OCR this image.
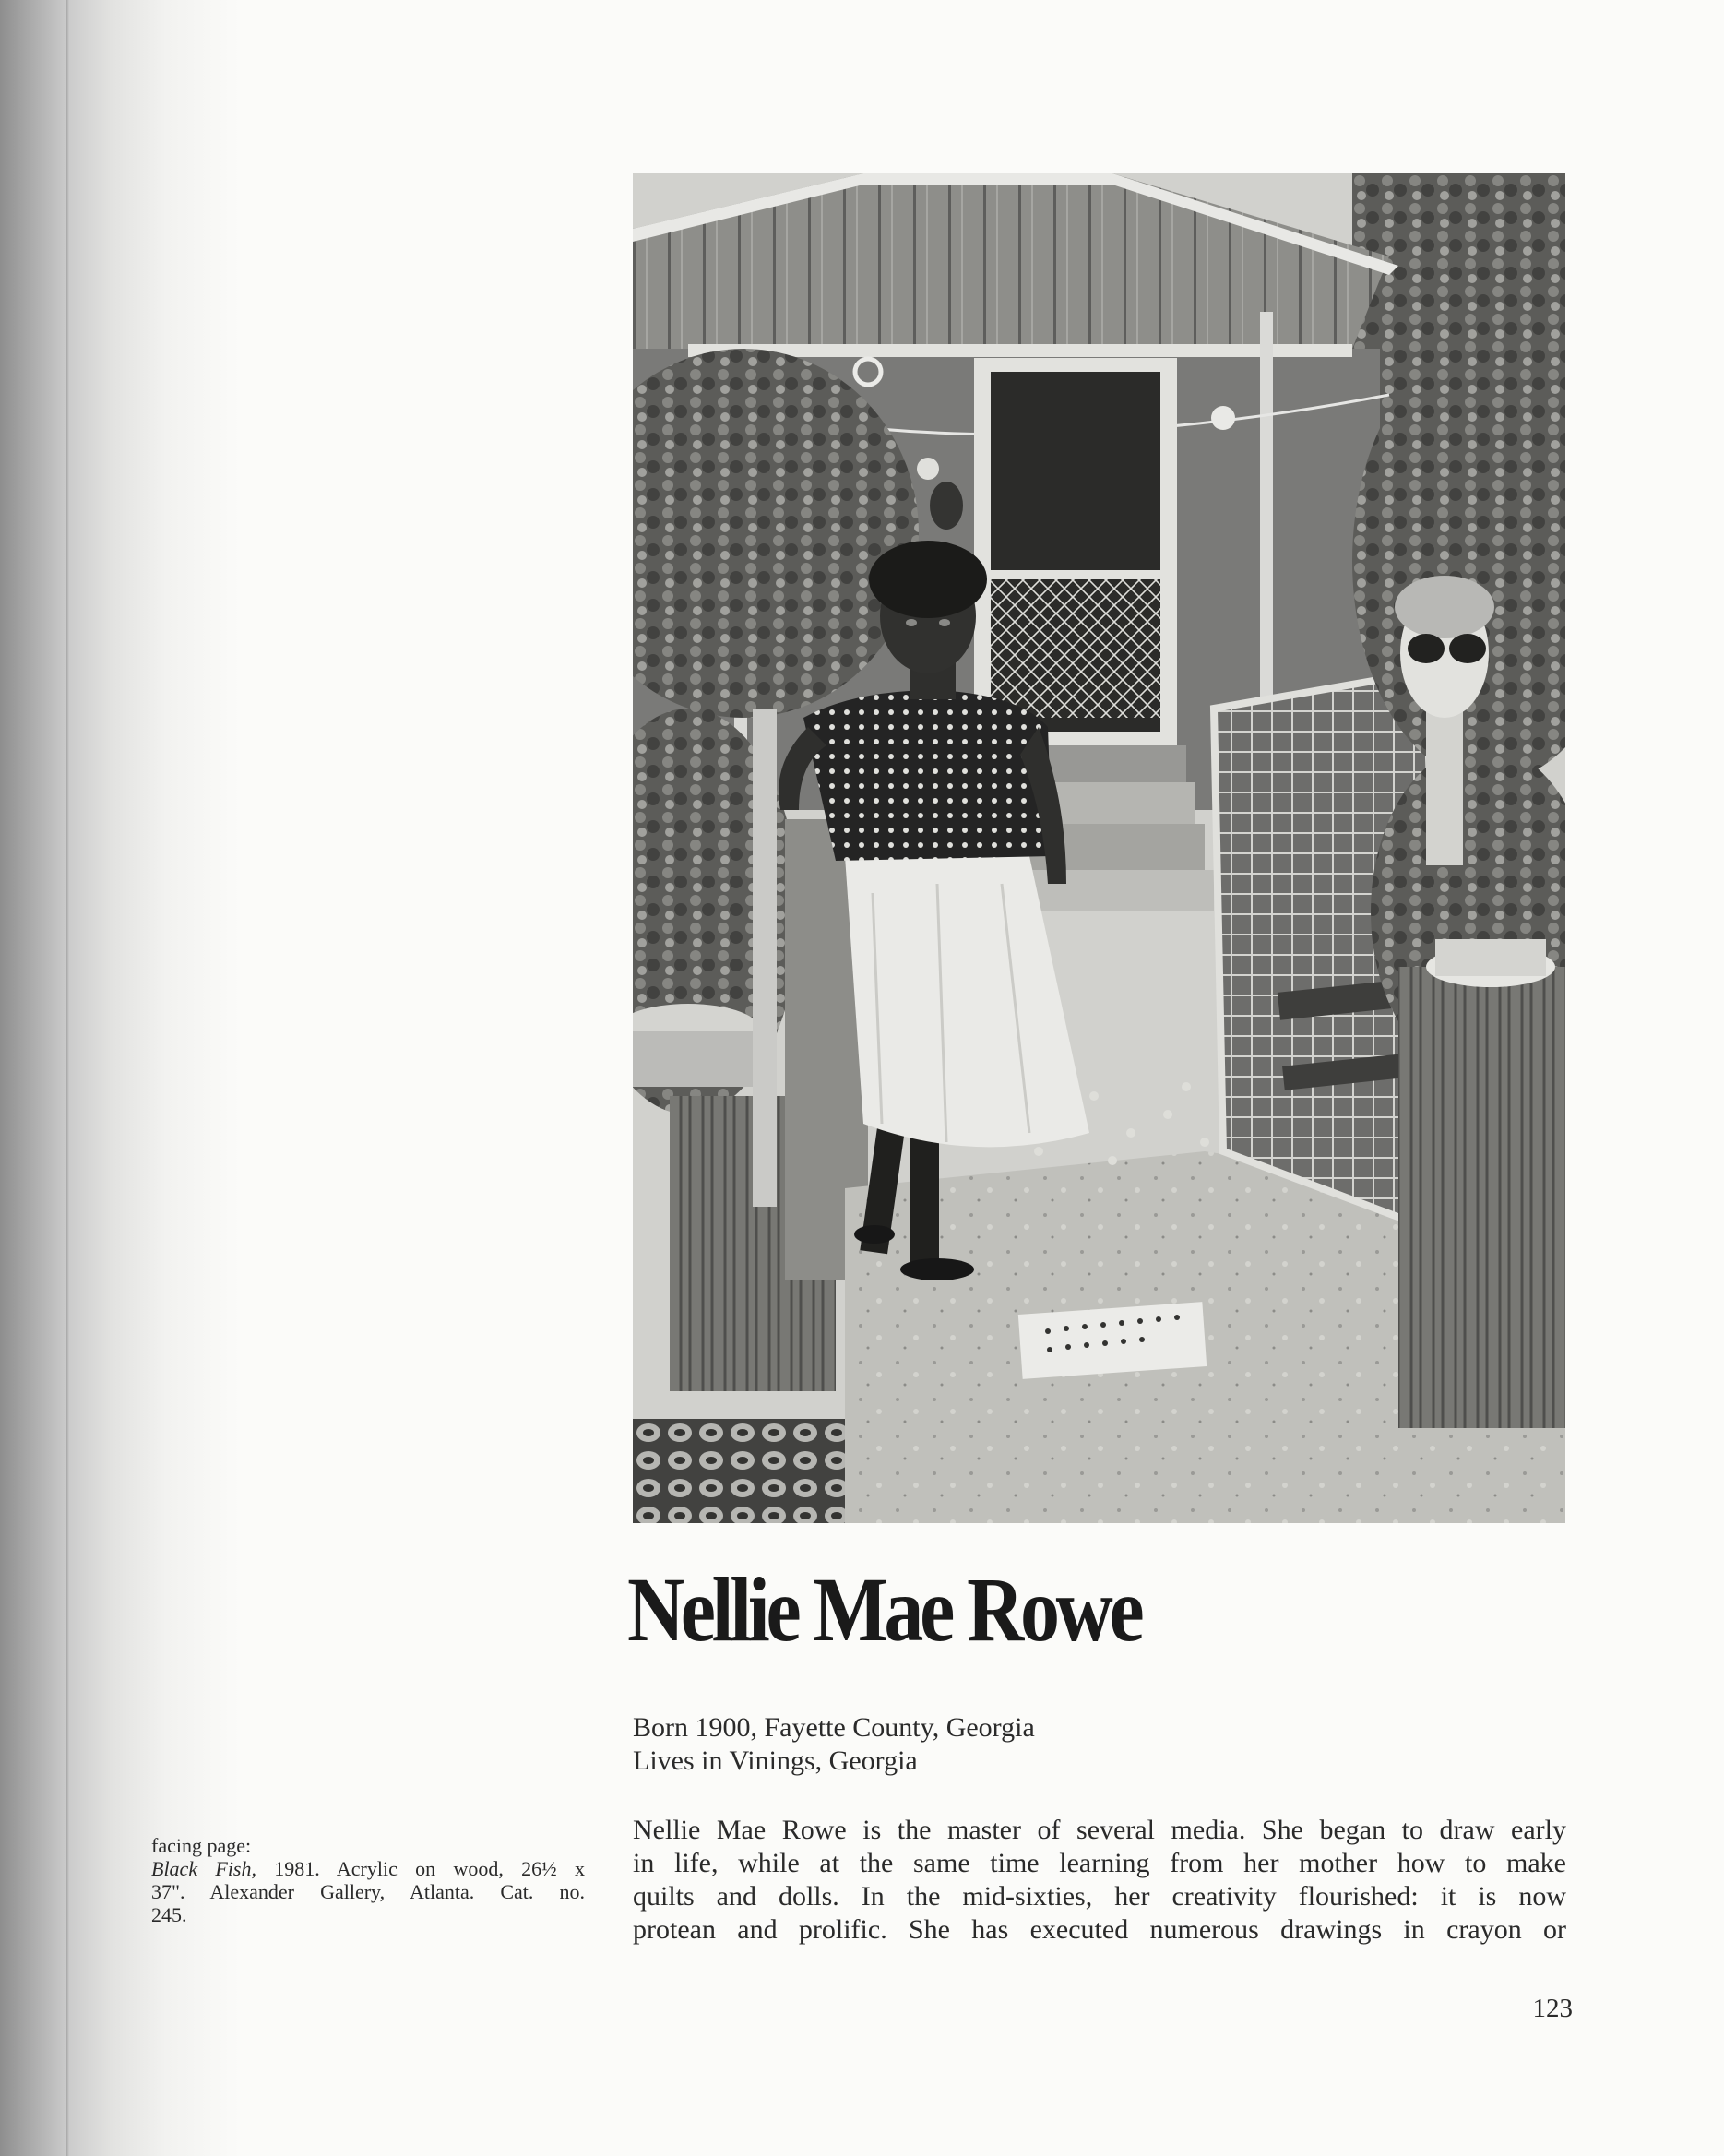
Nellie Mae Rowe
Born 1900, Fayette County, Georgia
Lives in Vinings, Georgia
Nellie Mae Rowe is the master of several media. She began to draw early
in life, while at the same time learning from her mother how to make
quilts and dolls. In the mid-sixties, her creativity flourished: it is now
protean and prolific. She has executed numerous drawings in crayon or
facing page:
Black Fish, 1981. Acrylic on wood, 26½ x
37". Alexander Gallery, Atlanta. Cat. no.
245.
123
